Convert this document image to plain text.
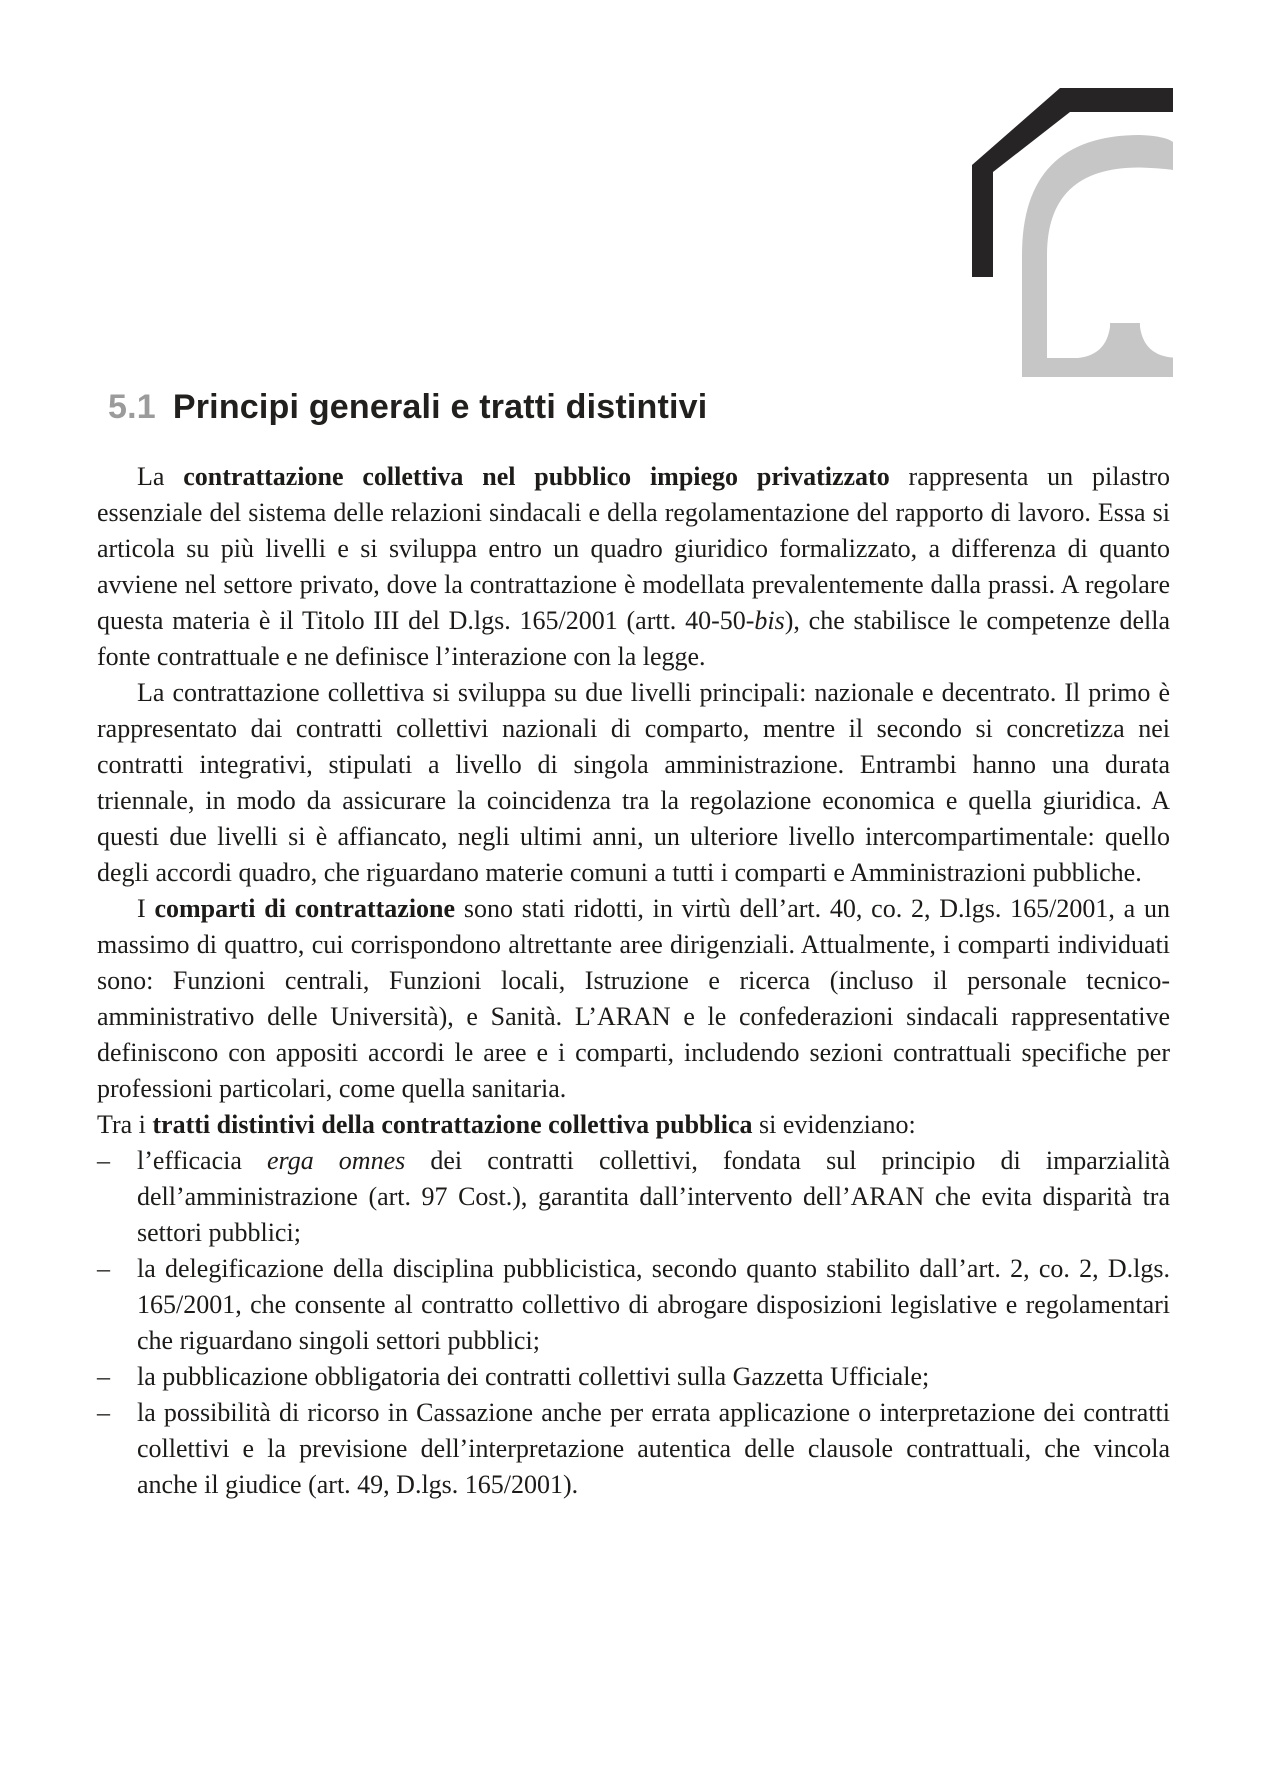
5.1 Principi generali e tratti distintivi
La contrattazione collettiva nel pubblico impiego privatizzato rappresenta un pilastro essenziale del sistema delle relazioni sindacali e della regolamentazione del rapporto di lavoro. Essa si articola su più livelli e si sviluppa entro un quadro giuridico formalizzato, a differenza di quanto avviene nel settore privato, dove la contrattazione è modellata prevalentemente dalla prassi. A regolare questa materia è il Titolo III del D.lgs. 165/2001 (artt. 40-50-bis), che stabilisce le competenze della fonte contrattuale e ne definisce l’interazione con la legge.
La contrattazione collettiva si sviluppa su due livelli principali: nazionale e decentrato. Il primo è rappresentato dai contratti collettivi nazionali di comparto, mentre il secondo si concretizza nei contratti integrativi, stipulati a livello di singola amministrazione. Entrambi hanno una durata triennale, in modo da assicurare la coincidenza tra la regolazione economica e quella giuridica. A questi due livelli si è affiancato, negli ultimi anni, un ulteriore livello intercompartimentale: quello degli accordi quadro, che riguardano materie comuni a tutti i comparti e Amministrazioni pubbliche.
I comparti di contrattazione sono stati ridotti, in virtù dell’art. 40, co. 2, D.lgs. 165/2001, a un massimo di quattro, cui corrispondono altrettante aree dirigenziali. Attualmente, i comparti individuati sono: Funzioni centrali, Funzioni locali, Istruzione e ricerca (incluso il personale tecnico-amministrativo delle Università), e Sanità. L’ARAN e le confederazioni sindacali rappresentative definiscono con appositi accordi le aree e i comparti, includendo sezioni contrattuali specifiche per professioni particolari, come quella sanitaria.
Tra i tratti distintivi della contrattazione collettiva pubblica si evidenziano:
–	l’efficacia erga omnes dei contratti collettivi, fondata sul principio di imparzialità dell’amministrazione (art. 97 Cost.), garantita dall’intervento dell’ARAN che evita disparità tra settori pubblici;
–	la delegificazione della disciplina pubblicistica, secondo quanto stabilito dall’art. 2, co. 2, D.lgs. 165/2001, che consente al contratto collettivo di abrogare disposizioni legislative e regolamentari che riguardano singoli settori pubblici;
–	la pubblicazione obbligatoria dei contratti collettivi sulla Gazzetta Ufficiale;
–	la possibilità di ricorso in Cassazione anche per errata applicazione o interpretazione dei contratti collettivi e la previsione dell’interpretazione autentica delle clausole contrattuali, che vincola anche il giudice (art. 49, D.lgs. 165/2001).
